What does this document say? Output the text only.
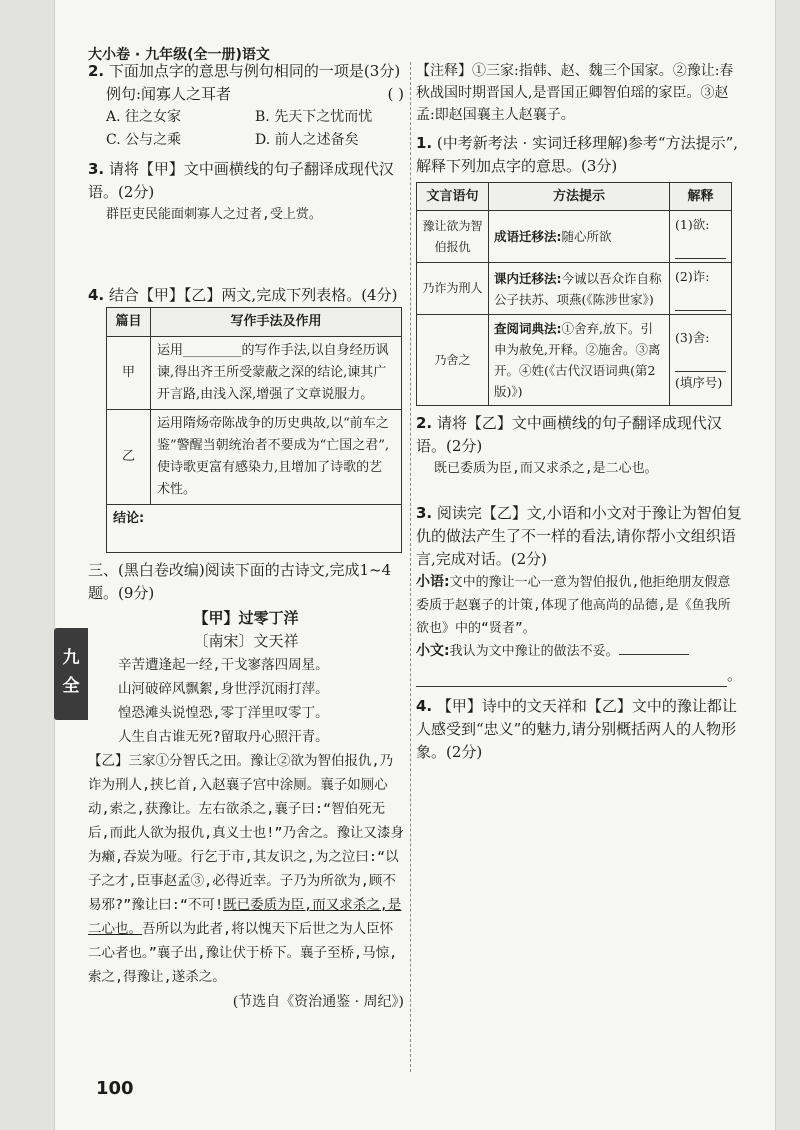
大小卷 · 九年级(全一册)语文
九
全
2. 下面加点字的意思与例句相同的一项是(3分)
( )
例句:闻寡人之耳者
A. 往之女家	B. 先天下之忧而忧
C. 公与之乘	D. 前人之述备矣
3. 请将【甲】文中画横线的句子翻译成现代汉语。(2分)
群臣吏民能面刺寡人之过者,受上赏。
4. 结合【甲】【乙】两文,完成下列表格。(4分)
篇目	写作手法及作用
甲	运用_________的写作手法,以自身经历讽谏,得出齐王所受蒙蔽之深的结论,谏其广开言路,由浅入深,增强了文章说服力。
乙	运用隋炀帝陈战争的历史典故,以“前车之鉴”警醒当朝统治者不要成为“亡国之君”,使诗歌更富有感染力,且增加了诗歌的艺术性。
结论:	
三、(黑白卷改编)阅读下面的古诗文,完成1~4题。(9分)
【甲】过零丁洋
〔南宋〕文天祥
辛苦遭逢起一经,干戈寥落四周星。
山河破碎风飘絮,身世浮沉雨打萍。
惶恐滩头说惶恐,零丁洋里叹零丁。
人生自古谁无死?留取丹心照汗青。
【乙】三家①分智氏之田。豫让②欲为智伯报仇,乃诈为刑人,挟匕首,入赵襄子宫中涂厕。襄子如厕心动,索之,获豫让。左右欲杀之,襄子曰:“智伯死无后,而此人欲为报仇,真义士也!”乃舍之。豫让又漆身为癞,吞炭为哑。行乞于市,其友识之,为之泣曰:“以子之才,臣事赵孟③,必得近幸。子乃为所欲为,顾不易邪?”豫让曰:“不可!既已委质为臣,而又求杀之,是二心也。吾所以为此者,将以愧天下后世之为人臣怀二心者也。”襄子出,豫让伏于桥下。襄子至桥,马惊,索之,得豫让,遂杀之。
(节选自《资治通鉴 · 周纪》)
【注释】①三家:指韩、赵、魏三个国家。②豫让:春秋战国时期晋国人,是晋国正卿智伯瑶的家臣。③赵孟:即赵国襄主人赵襄子。
1. (中考新考法 · 实词迁移理解)参考“方法提示”,解释下列加点字的意思。(3分)
文言语句	方法提示	解释
豫让欲为智伯报仇	成语迁移法:随心所欲	(1)欲:

乃诈为刑人	课内迁移法:今诚以吾众诈自称公子扶苏、项燕(《陈涉世家》)	(2)诈:

乃舍之	查阅词典法:①舍弃,放下。引申为赦免,开释。②施舍。③离开。④姓(《古代汉语词典(第2版)》)	(3)舍:
(填序号)
2. 请将【乙】文中画横线的句子翻译成现代汉语。(2分)
既已委质为臣,而又求杀之,是二心也。
3. 阅读完【乙】文,小语和小文对于豫让为智伯复仇的做法产生了不一样的看法,请你帮小文组织语言,完成对话。(2分)
小语:文中的豫让一心一意为智伯报仇,他拒绝朋友假意委质于赵襄子的计策,体现了他高尚的品德,是《鱼我所欲也》中的“贤者”。
小文:我认为文中豫让的做法不妥。
。
4. 【甲】诗中的文天祥和【乙】文中的豫让都让人感受到“忠义”的魅力,请分别概括两人的人物形象。(2分)
100
